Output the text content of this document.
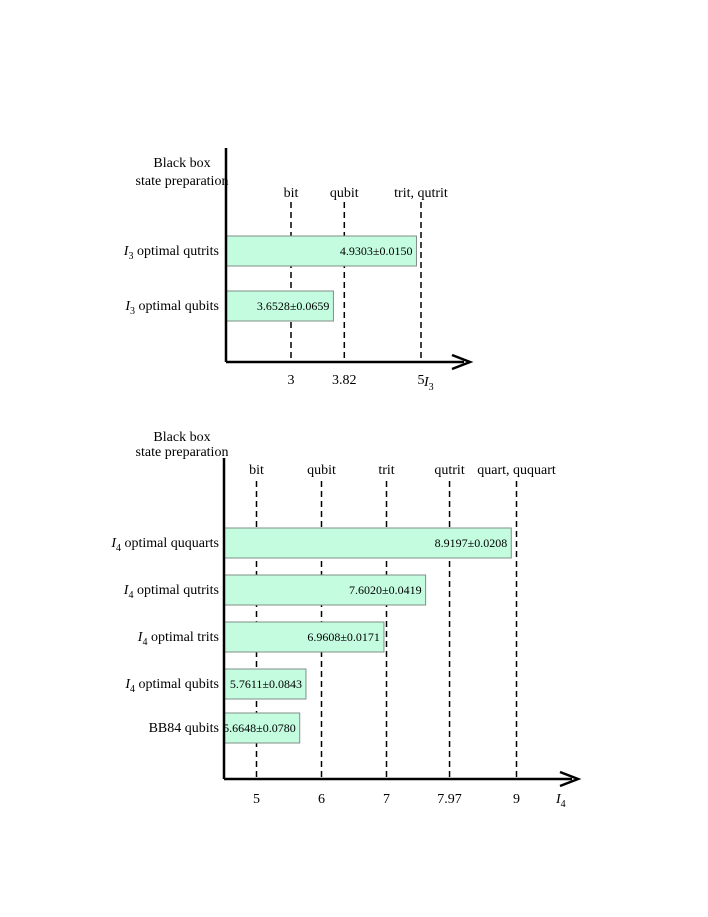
Black box
state preparation
bit qubit	trit, qutrit
4.9303±0.0150
$I_3$ optimal qutrits
3.6528±0.0659
$I_3$ optimal qubits
3	3.82	5 $I_3$
Black box
state preparation
bit	qubit	trit	qutrit quart, ququart
8.9197±0.0208
$I_4$ optimal ququarts
7.6020±0.0419
$I_4$ optimal qutrits
6.9608±0.0171
$I_4$ optimal trits
5.7611±0.0843
$I_4$ optimal qubits
5.6648±0.0780
BB84 qubits
5	6	7	7.97	9	$I_4$
